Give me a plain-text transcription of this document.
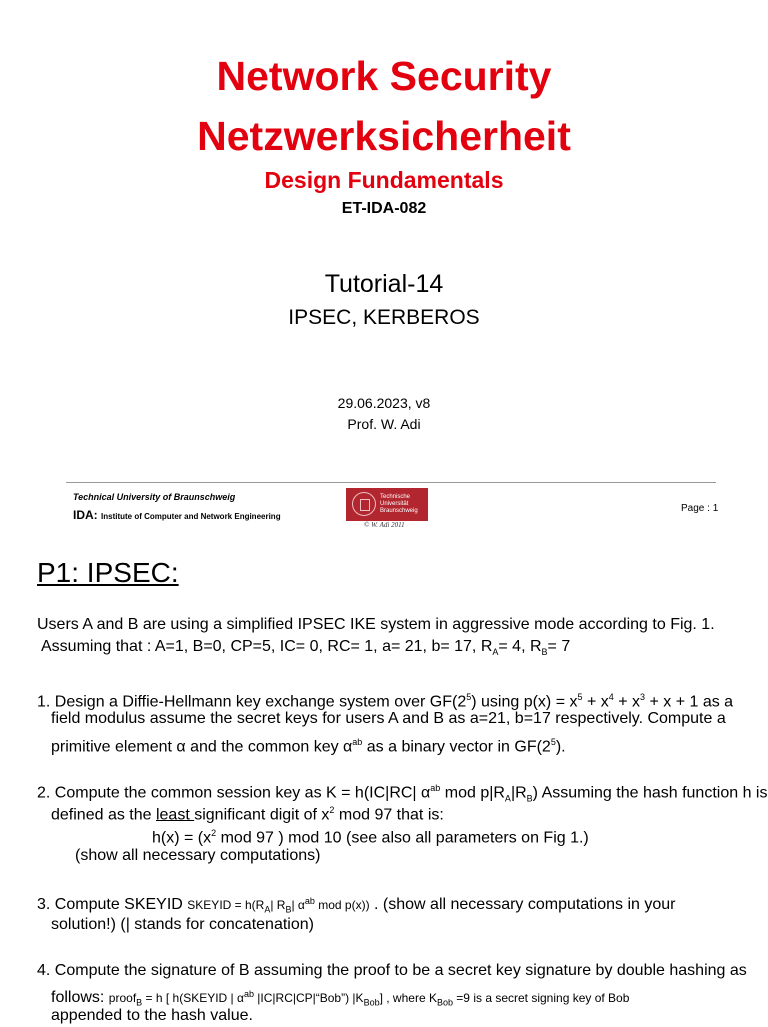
Network Security
Netzwerksicherheit
Design Fundamentals
ET-IDA-082
Tutorial-14
IPSEC, KERBEROS
29.06.2023, v8
Prof. W. Adi
Technical University of Braunschweig
IDA: Institute of Computer and Network Engineering
Technische
Universität
Braunschweig
© W. Adi 2011
Page : 1
P1: IPSEC:
Users A and B are using a simplified IPSEC IKE system in aggressive mode according to Fig. 1.
Assuming that : A=1, B=0, CP=5, IC= 0, RC= 1, a= 21, b= 17, $R_A= 4$, $R_B= 7$
1. Design a Diffie-Hellmann key exchange system over $GF(2^5)$ using $p(x) = x^5 + x^4 + x^3 + x + 1$ as a
field modulus assume the secret keys for users A and B as a=21, b=17 respectively. Compute a
primitive element α and the common key $\alpha^{ab}$ as a binary vector in $GF(2^5)$.
2. Compute the common session key as K = h(IC|RC| $\alpha^{ab}$ mod $p|R_A|R_B$) Assuming the hash function h is
defined as the least significant digit of $x^2$ mod 97 that is:
$h(x) = (x^2$ mod 97 ) mod 10 (see also all parameters on Fig 1.)
(show all necessary computations)
3. Compute SKEYID SKEYID = $h(R_A|$ $R_B|$ $\alpha^{ab}$ mod p(x)) . (show all necessary computations in your
solution!) (| stands for concatenation)
4. Compute the signature of B assuming the proof to be a secret key signature by double hashing as
follows: proof$_B$ = h [ h(SKEYID | $\alpha^{ab}$ |IC|RC|CP|“Bob”) $|K_{Bob}$] , where $K_{Bob} =9$ is a secret signing key of Bob
appended to the hash value.
